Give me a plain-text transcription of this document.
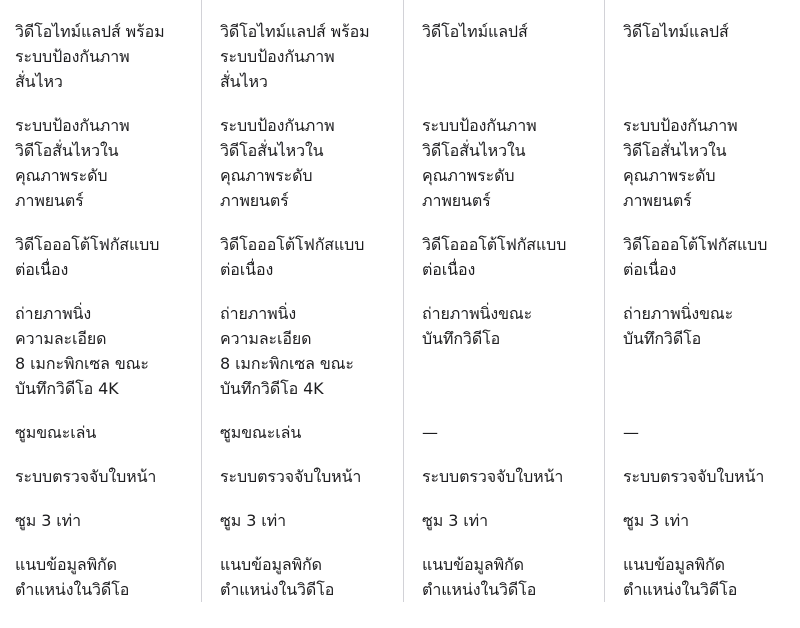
วิดีโอไทม์แลปส์ พร้อม
ระบบป้องกันภาพ
สั่นไหว
ระบบป้องกันภาพ
วิดีโอสั่นไหวใน
คุณภาพระดับ
ภาพยนตร์
วิดีโอออโต้โฟกัสแบบ
ต่อเนื่อง
ถ่ายภาพนิ่ง
ความละเอียด
8 เมกะพิกเซล ขณะ
บันทึกวิดีโอ 4K
ซูมขณะเล่น
ระบบตรวจจับใบหน้า
ซูม 3 เท่า
แนบข้อมูลพิกัด
ตำแหน่งในวิดีโอ
วิดีโอไทม์แลปส์ พร้อม
ระบบป้องกันภาพ
สั่นไหว
ระบบป้องกันภาพ
วิดีโอสั่นไหวใน
คุณภาพระดับ
ภาพยนตร์
วิดีโอออโต้โฟกัสแบบ
ต่อเนื่อง
ถ่ายภาพนิ่ง
ความละเอียด
8 เมกะพิกเซล ขณะ
บันทึกวิดีโอ 4K
ซูมขณะเล่น
ระบบตรวจจับใบหน้า
ซูม 3 เท่า
แนบข้อมูลพิกัด
ตำแหน่งในวิดีโอ
วิดีโอไทม์แลปส์
ระบบป้องกันภาพ
วิดีโอสั่นไหวใน
คุณภาพระดับ
ภาพยนตร์
วิดีโอออโต้โฟกัสแบบ
ต่อเนื่อง
ถ่ายภาพนิ่งขณะ
บันทึกวิดีโอ
—
ระบบตรวจจับใบหน้า
ซูม 3 เท่า
แนบข้อมูลพิกัด
ตำแหน่งในวิดีโอ
วิดีโอไทม์แลปส์
ระบบป้องกันภาพ
วิดีโอสั่นไหวใน
คุณภาพระดับ
ภาพยนตร์
วิดีโอออโต้โฟกัสแบบ
ต่อเนื่อง
ถ่ายภาพนิ่งขณะ
บันทึกวิดีโอ
—
ระบบตรวจจับใบหน้า
ซูม 3 เท่า
แนบข้อมูลพิกัด
ตำแหน่งในวิดีโอ
